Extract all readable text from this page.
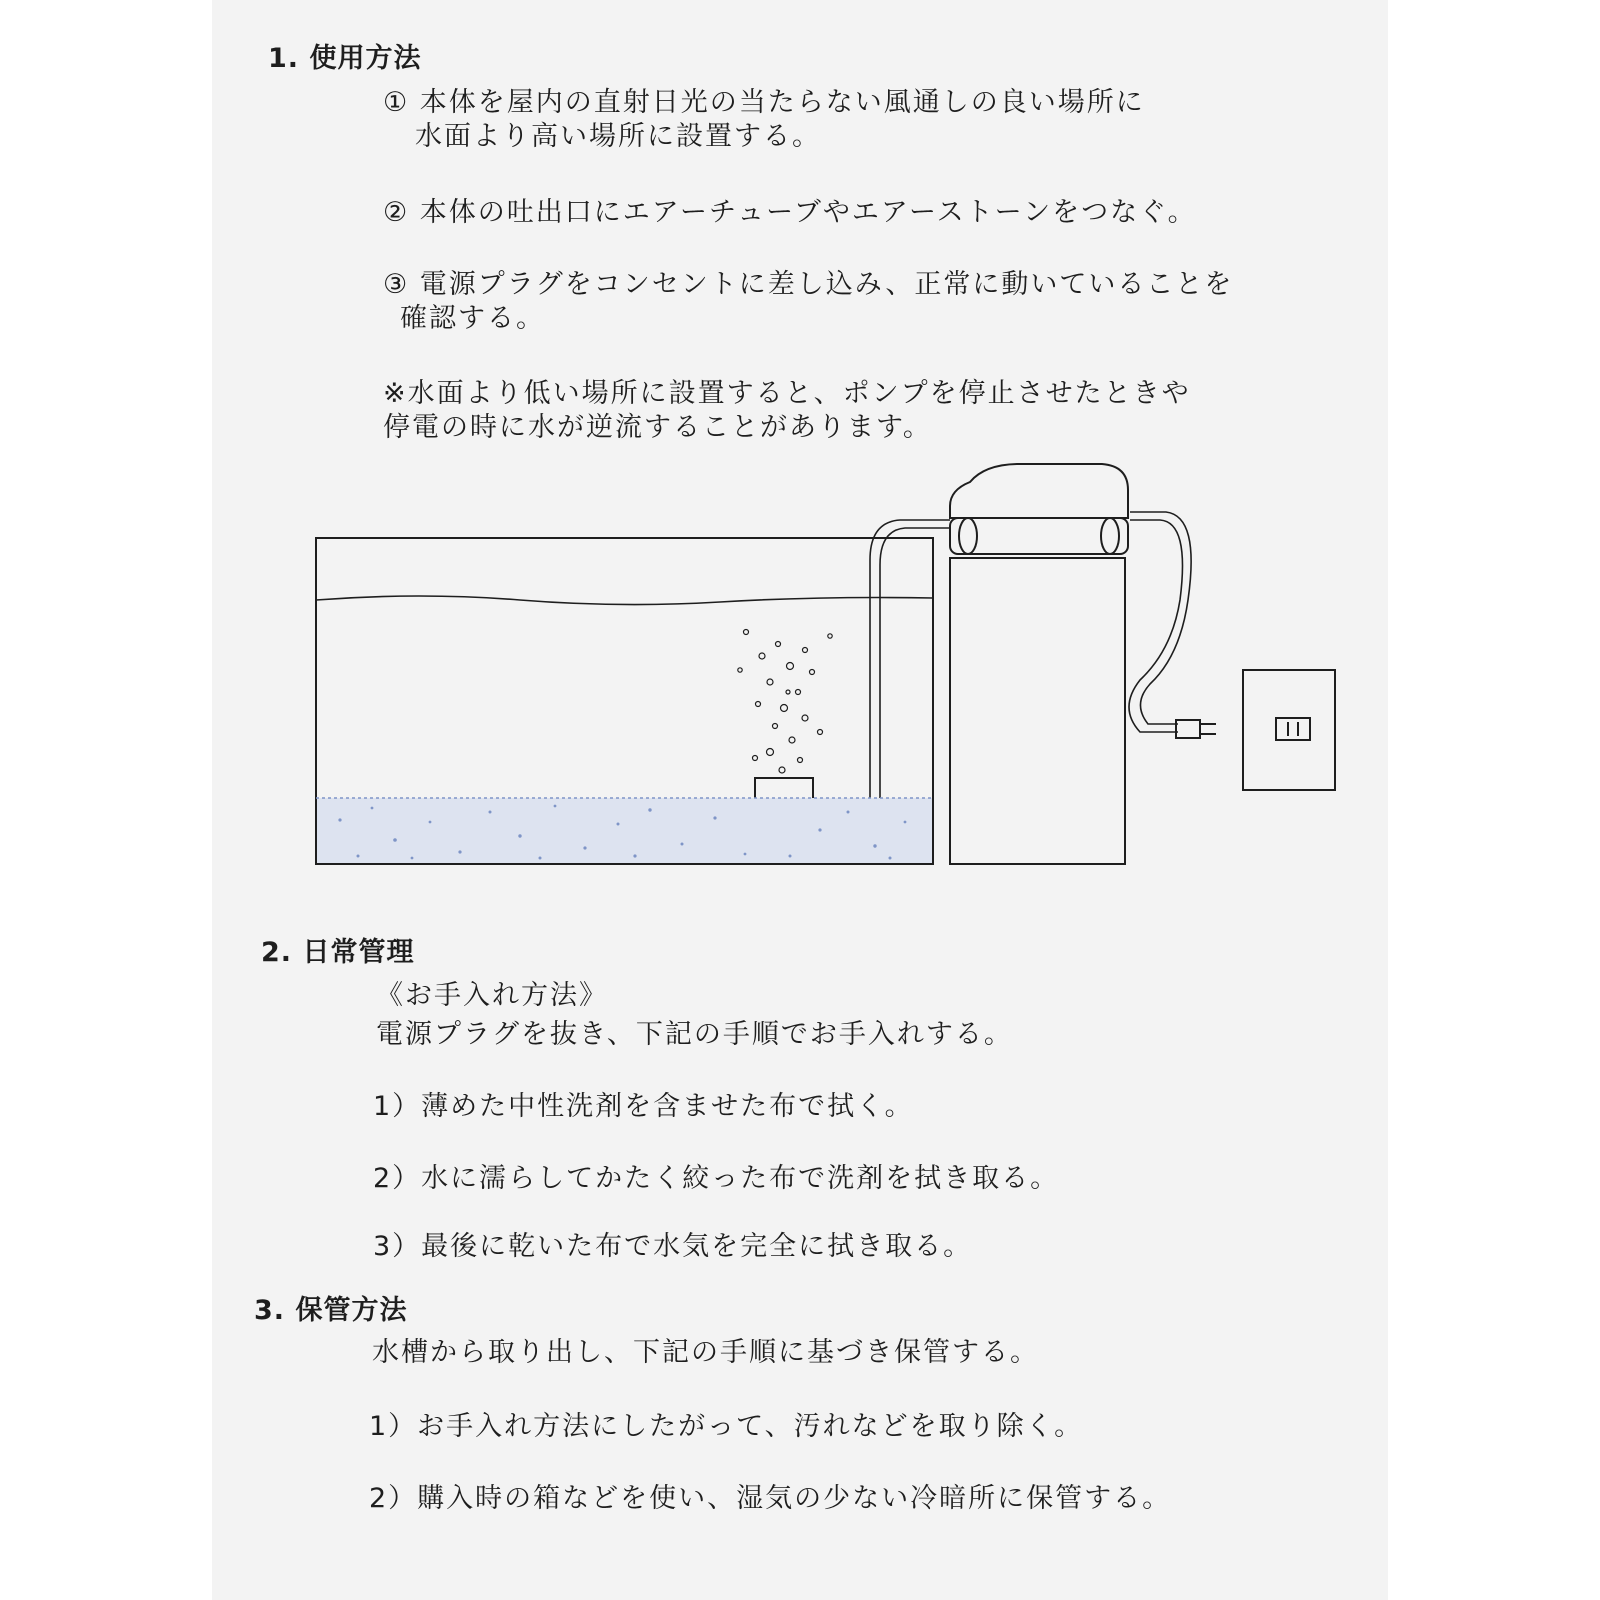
1. 使用方法
① 本体を屋内の直射日光の当たらない風通しの良い場所に
水面より高い場所に設置する。
② 本体の吐出口にエアーチューブやエアーストーンをつなぐ。
③ 電源プラグをコンセントに差し込み、正常に動いていることを
確認する。
※水面より低い場所に設置すると、ポンプを停止させたときや
停電の時に水が逆流することがあります。
2. 日常管理
《お手入れ方法》
電源プラグを抜き、下記の手順でお手入れする。
1）薄めた中性洗剤を含ませた布で拭く。
2）水に濡らしてかたく絞った布で洗剤を拭き取る。
3）最後に乾いた布で水気を完全に拭き取る。
3. 保管方法
水槽から取り出し、下記の手順に基づき保管する。
1）お手入れ方法にしたがって、汚れなどを取り除く。
2）購入時の箱などを使い、湿気の少ない冷暗所に保管する。
